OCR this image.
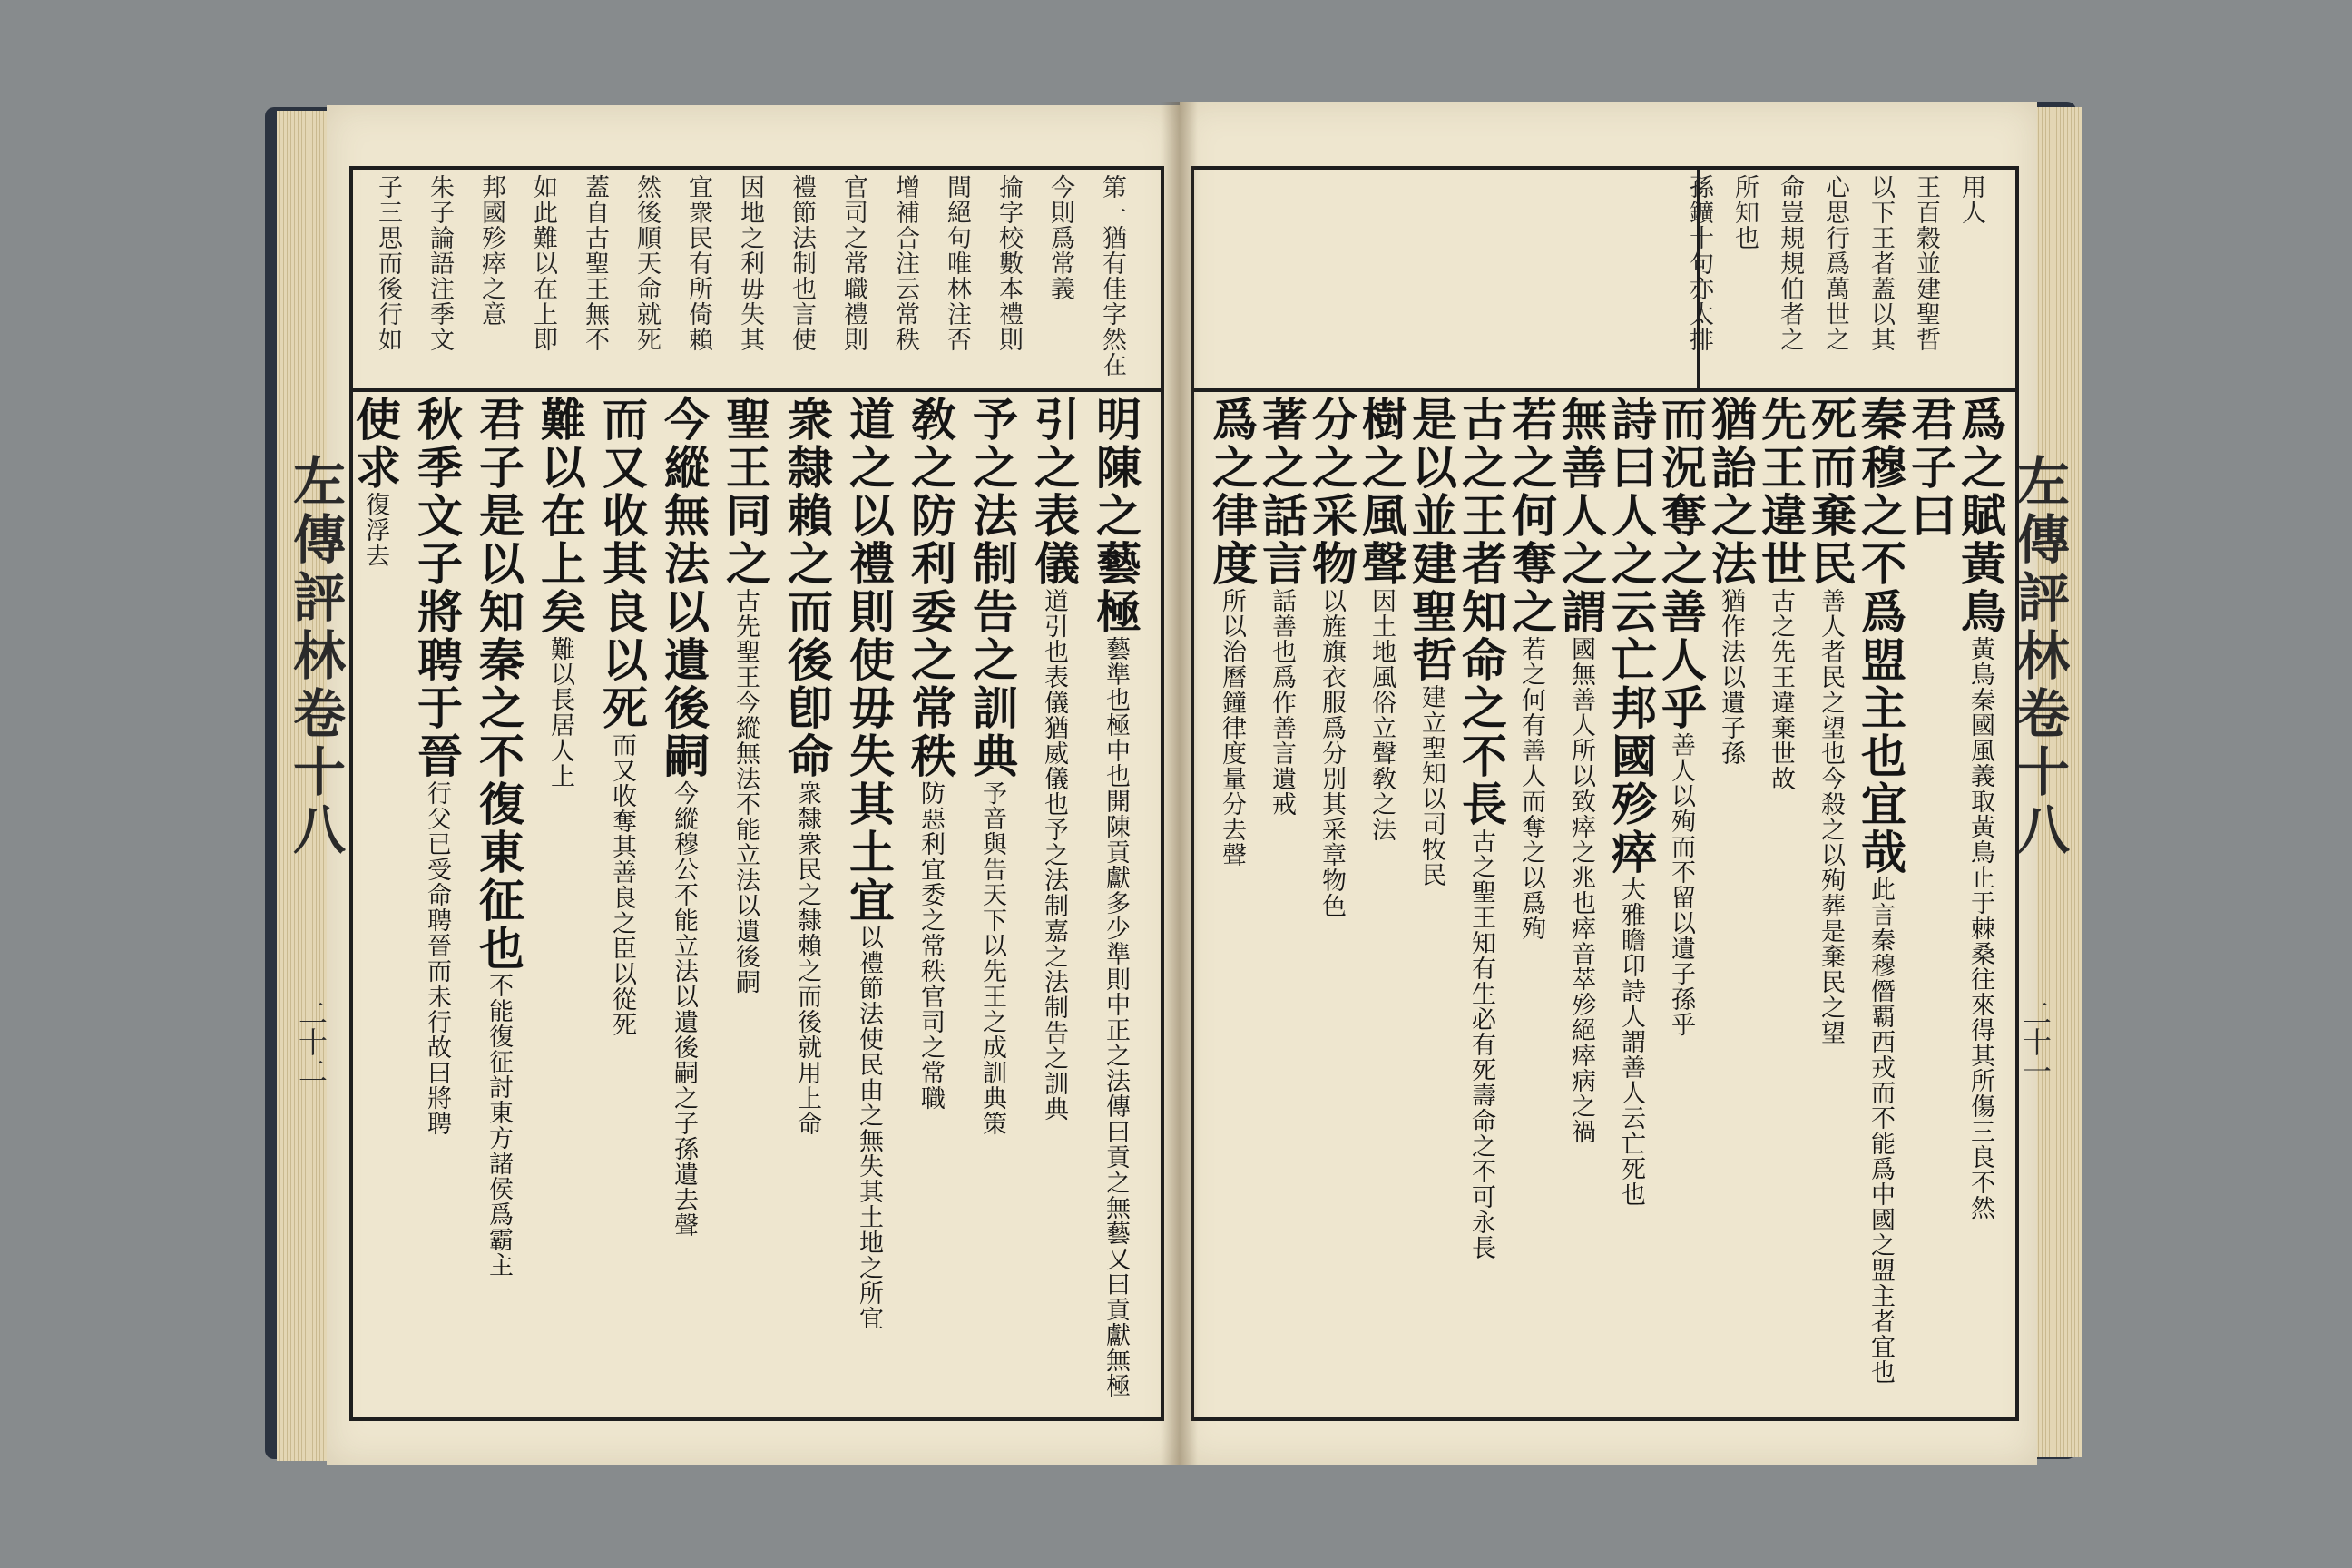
左傳評林卷十八
二十二
第一猶有佳字然在
今則爲常義
掄字校數本禮則
間絕句唯林注否
增補合注云常秩
官司之常職禮則
禮節法制也言使
因地之利毋失其
宜衆民有所倚賴
然後順天命就死
蓋自古聖王無不
如此難以在上即
邦國殄瘁之意
朱子論語注季文
子三思而後行如
明陳之藝極藝準也極中也開陳貢獻多少準則中正之法傳曰貢之無藝又曰貢獻無極
引之表儀道引也表儀猶威儀也予之法制嘉之法制告之訓典
予之法制告之訓典予音與告天下以先王之成訓典策
敎之防利委之常秩防惡利宜委之常秩官司之常職
道之以禮則使毋失其土宜以禮節法使民由之無失其土地之所宜
衆隸賴之而後卽命衆隸衆民之隸賴之而後就用上命
聖王同之古先聖王今縱無法不能立法以遺後嗣
今縱無法以遺後嗣今縱穆公不能立法以遺後嗣之子孫遺去聲
而又收其良以死而又收奪其善良之臣以從死
難以在上矣難以長居人上
君子是以知秦之不復東征也不能復征討東方諸侯爲霸主
秋季文子將聘于晉行父已受命聘晉而未行故曰將聘
使求復浮去	左傳評林卷十八
二十一
用人
王百穀並建聖哲
以下王者蓋以其
心思行爲萬世之
命豈規規伯者之
所知也
孫鑛十句亦太排
爲之賦黃鳥黃鳥秦國風義取黃鳥止于棘桑往來得其所傷三良不然
君子曰
秦穆之不爲盟主也宜哉此言秦穆僭覇西戎而不能爲中國之盟主者宜也
死而棄民善人者民之望也今殺之以殉葬是棄民之望
先王違世古之先王違棄世故
猶詒之法猶作法以遺子孫
而況奪之善人乎善人以殉而不留以遺子孫乎
詩曰人之云亡邦國殄瘁大雅瞻卬詩人謂善人云亡死也
無善人之謂國無善人所以致瘁之兆也瘁音萃殄絕瘁病之禍
若之何奪之若之何有善人而奪之以爲殉
古之王者知命之不長古之聖王知有生必有死壽命之不可永長
是以並建聖哲建立聖知以司牧民
樹之風聲因土地風俗立聲敎之法
分之采物以旌旗衣服爲分別其采章物色
著之話言話善也爲作善言遺戒
爲之律度所以治曆鐘律度量分去聲
